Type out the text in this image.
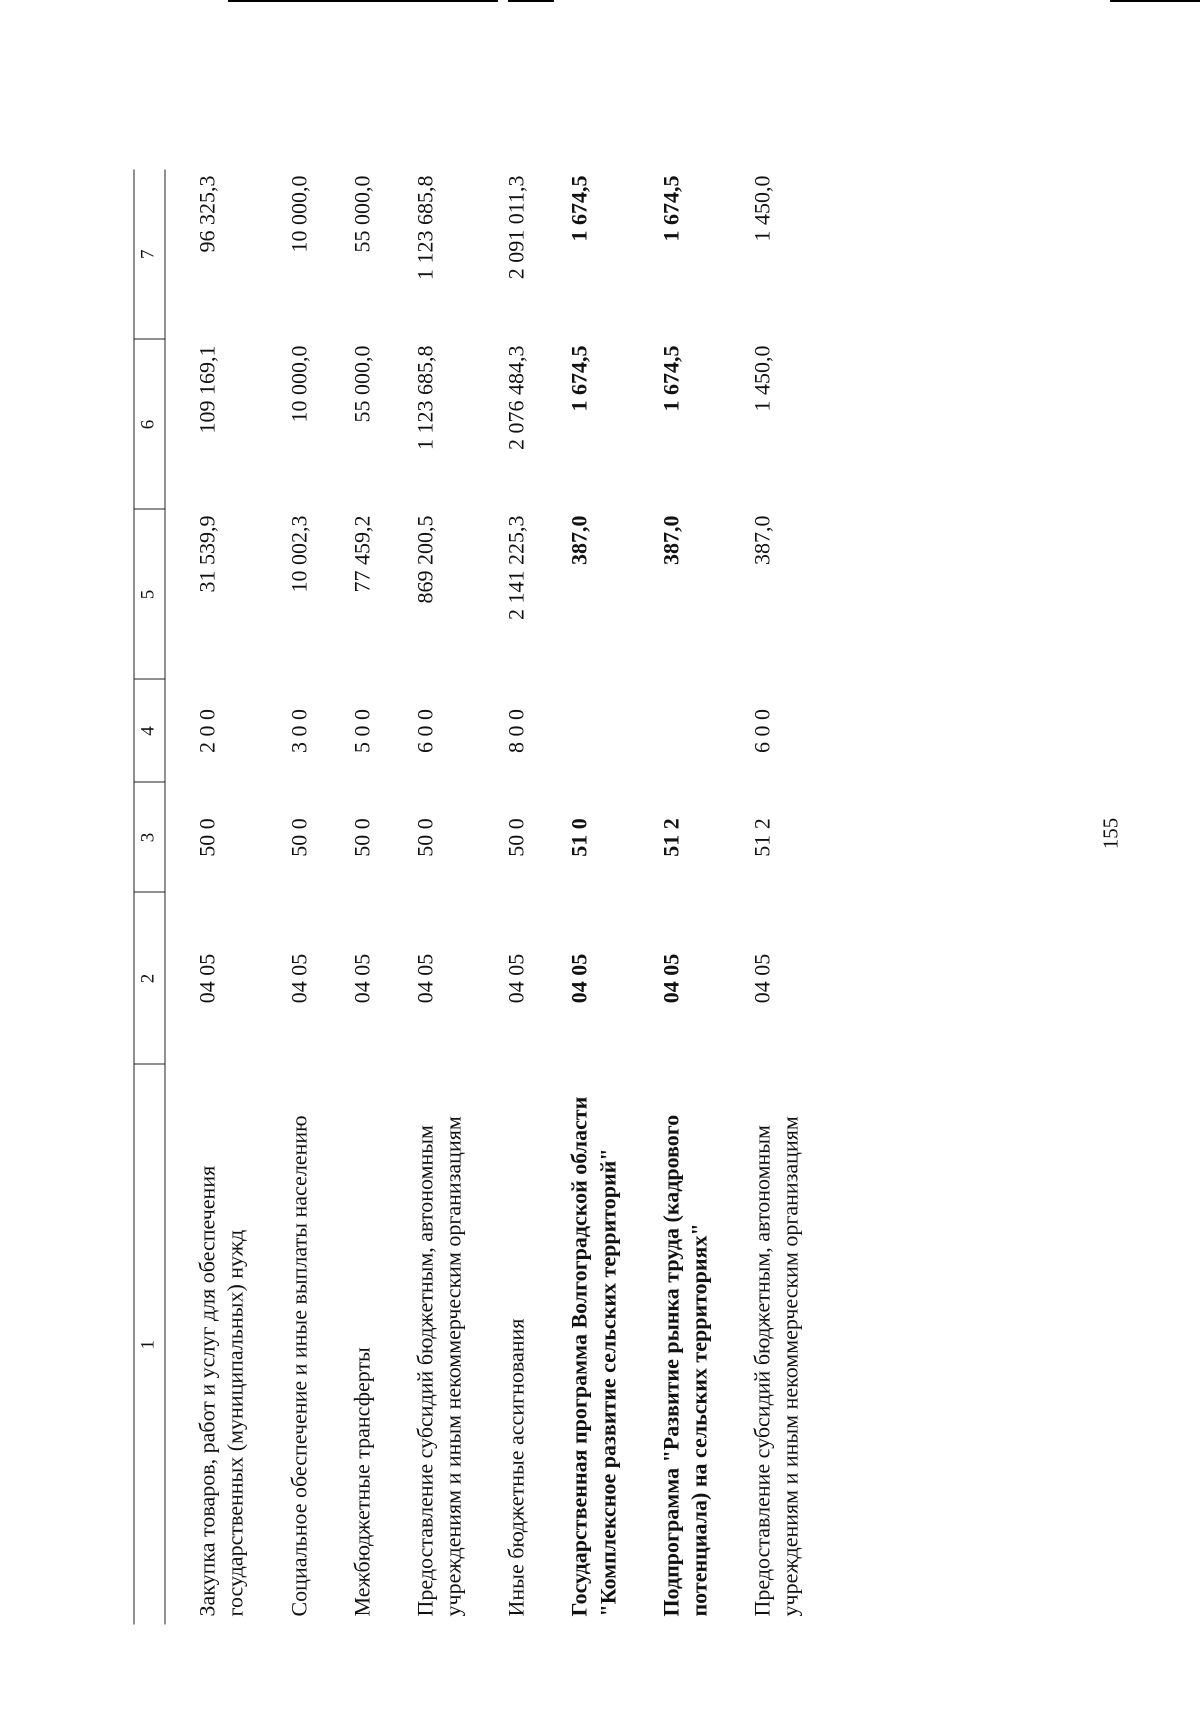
155
1	2	3	4	5	6	7
Закупка товаров, работ и услуг для обеспечения государственных (муниципальных) нужд	04 05	50 0	2 0 0	31 539,9	109 169,1	96 325,3
Социальное обеспечение и иные выплаты населению	04 05	50 0	3 0 0	10 002,3	10 000,0	10 000,0
Межбюджетные трансферты	04 05	50 0	5 0 0	77 459,2	55 000,0	55 000,0
Предоставление субсидий бюджетным, автономным учреждениям и иным некоммерческим организациям	04 05	50 0	6 0 0	869 200,5	1 123 685,8	1 123 685,8
Иные бюджетные ассигнования	04 05	50 0	8 0 0	2 141 225,3	2 076 484,3	2 091 011,3
Государственная программа Волгоградской области "Комплексное развитие сельских территорий"	04 05	51 0		387,0	1 674,5	1 674,5
Подпрограмма "Развитие рынка труда (кадрового потенциала) на сельских территориях"	04 05	51 2		387,0	1 674,5	1 674,5
Предоставление субсидий бюджетным, автономным учреждениям и иным некоммерческим организациям	04 05	51 2	6 0 0	387,0	1 450,0	1 450,0
